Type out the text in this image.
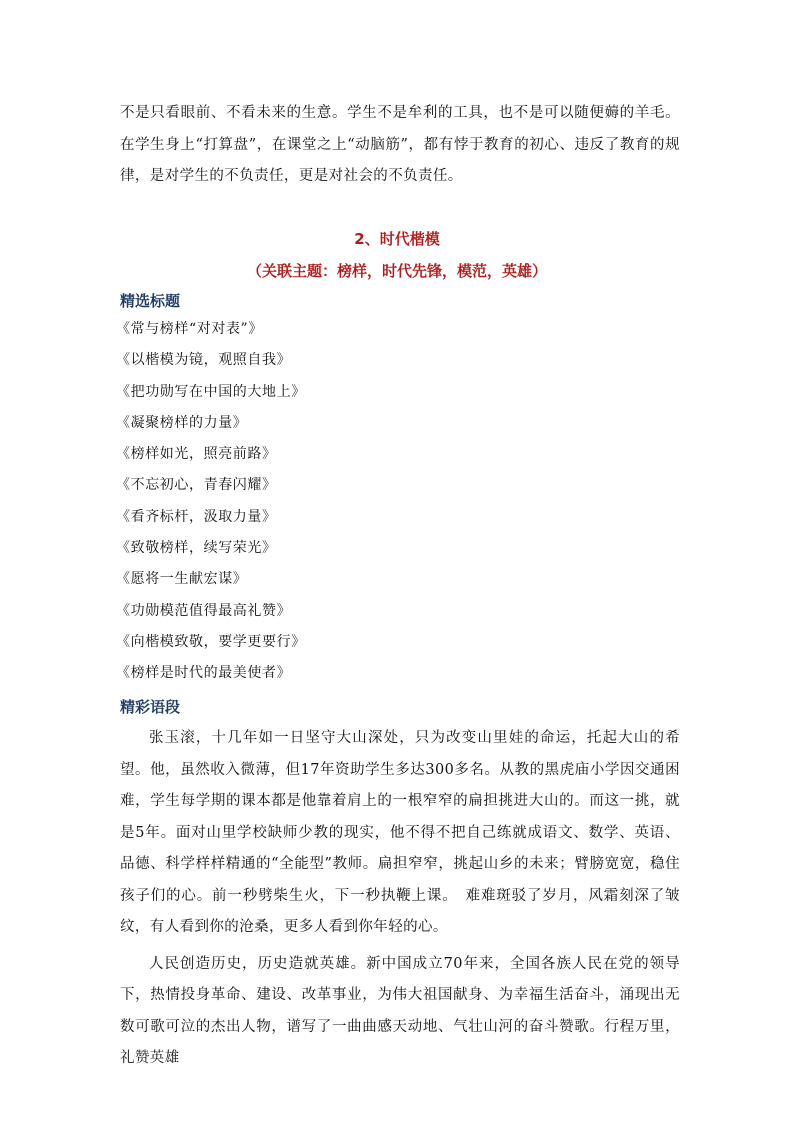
不是只看眼前、不看未来的生意。学生不是牟利的工具，也不是可以随便薅的羊毛。在学生身上“打算盘”，在课堂之上“动脑筋”，都有悖于教育的初心、违反了教育的规律，是对学生的不负责任，更是对社会的不负责任。

2、时代楷模
（关联主题：榜样，时代先锋，模范，英雄）
精选标题
《常与榜样“对对表”》
《以楷模为镜，观照自我》
《把功勋写在中国的大地上》
《凝聚榜样的力量》
《榜样如光，照亮前路》
《不忘初心，青春闪耀》
《看齐标杆，汲取力量》
《致敬榜样，续写荣光》
《愿将一生献宏谋》
《功勋模范值得最高礼赞》
《向楷模致敬，要学更要行》
《榜样是时代的最美使者》
精彩语段

张玉滚，十几年如一日坚守大山深处，只为改变山里娃的命运，托起大山的希望。他，虽然收入微薄，但17年资助学生多达300多名。从教的黑虎庙小学因交通困难，学生每学期的课本都是他靠着肩上的一根窄窄的扁担挑进大山的。而这一挑，就是5年。面对山里学校缺师少教的现实，他不得不把自己练就成语文、数学、英语、品德、科学样样精通的“全能型”教师。扁担窄窄，挑起山乡的未来；臂膀宽宽，稳住孩子们的心。前一秒劈柴生火，下一秒执鞭上课。　难难斑驳了岁月，风霜刻深了皱纹，有人看到你的沧桑，更多人看到你年轻的心。

人民创造历史，历史造就英雄。新中国成立70年来，全国各族人民在党的领导下，热情投身革命、建设、改革事业，为伟大祖国献身、为幸福生活奋斗，涌现出无数可歌可泣的杰出人物，谱写了一曲曲感天动地、气壮山河的奋斗赞歌。行程万里，礼赞英雄
